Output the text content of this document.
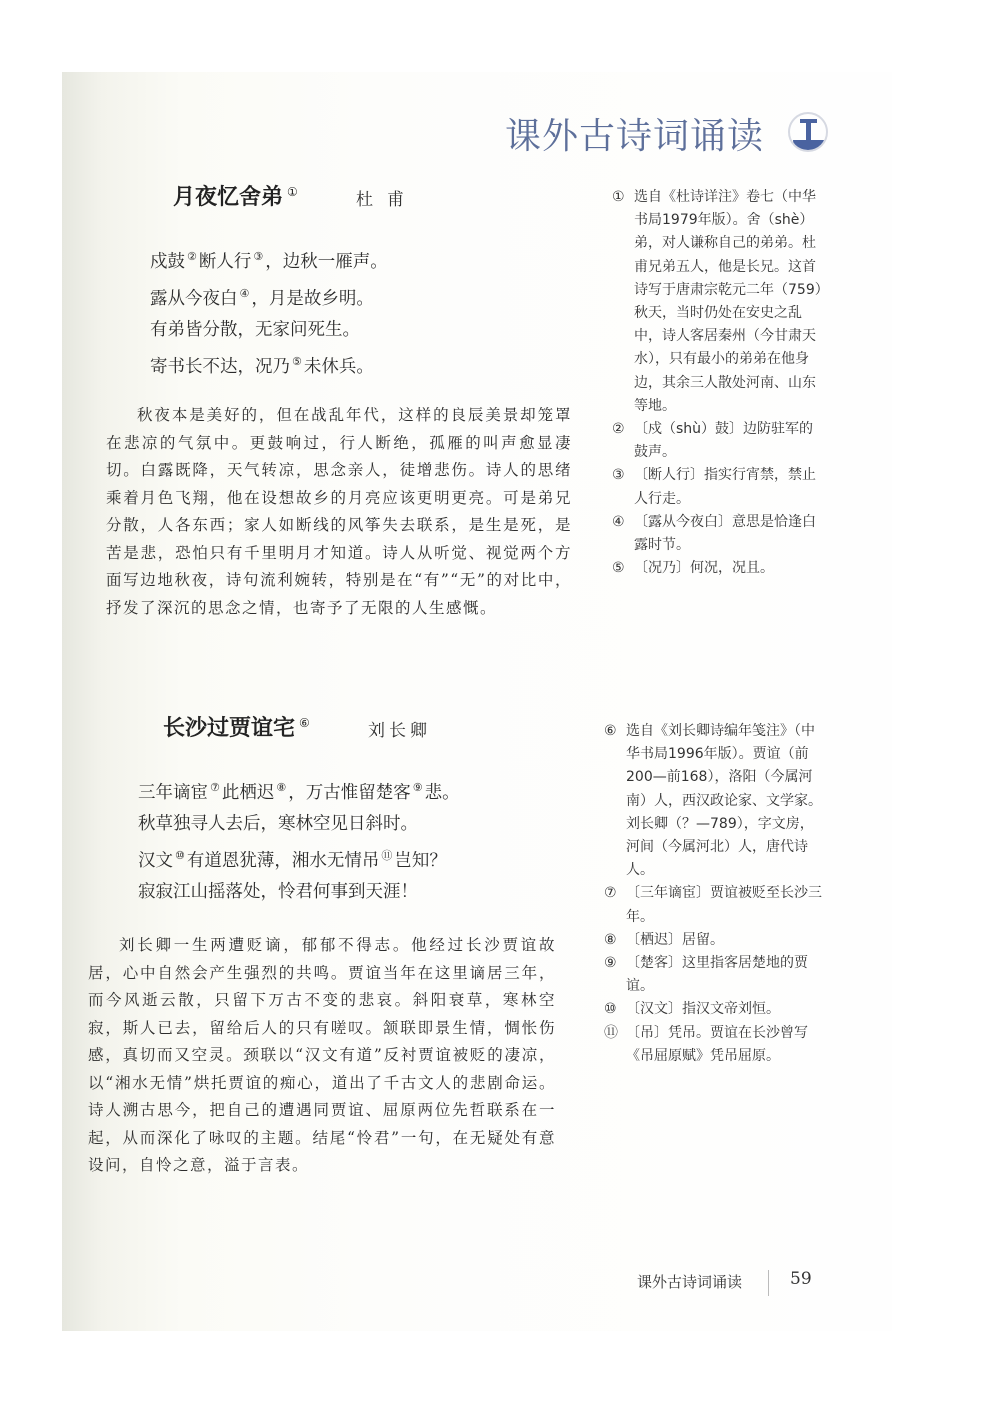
课外古诗词诵读
月夜忆舍弟 ①	杜甫
戍鼓 ② 断人行 ③ ，边秋一雁声。
露从今夜白 ④ ，月是故乡明。
有弟皆分散，无家问死生。
寄书长不达，况乃 ⑤ 未休兵。

秋夜本是美好的，但在战乱年代，这样的良辰美景却笼罩在悲凉的气氛中。更鼓响过，行人断绝，孤雁的叫声愈显凄切。白露既降，天气转凉，思念亲人，徒增悲伤。诗人的思绪乘着月色飞翔，他在设想故乡的月亮应该更明更亮。可是弟兄分散，人各东西；家人如断线的风筝失去联系，是生是死，是苦是悲，恐怕只有千里明月才知道。诗人从听觉、视觉两个方面写边地秋夜，诗句流利婉转，特别是在“有”“无”的对比中，抒发了深沉的思念之情，也寄予了无限的人生感慨。

① 选自《杜诗详注》卷七（中华书局1979年版）。舍（shè）弟，对人谦称自己的弟弟。杜甫兄弟五人，他是长兄。这首诗写于唐肃宗乾元二年（759）秋天，当时仍处在安史之乱中，诗人客居秦州（今甘肃天水），只有最小的弟弟在他身边，其余三人散处河南、山东等地。
② 〔戍（shù）鼓〕边防驻军的鼓声。
③ 〔断人行〕指实行宵禁，禁止人行走。
④ 〔露从今夜白〕意思是恰逢白露时节。
⑤ 〔况乃〕何况，况且。
长沙过贾谊宅 ⑥	刘长卿
三年谪宦 ⑦ 此栖迟 ⑧ ，万古惟留楚客 ⑨ 悲。
秋草独寻人去后，寒林空见日斜时。
汉文 ⑩ 有道恩犹薄，湘水无情吊 ⑪ 岂知？
寂寂江山摇落处，怜君何事到天涯！

刘长卿一生两遭贬谪，郁郁不得志。他经过长沙贾谊故居，心中自然会产生强烈的共鸣。贾谊当年在这里谪居三年，而今风逝云散，只留下万古不变的悲哀。斜阳衰草，寒林空寂，斯人已去，留给后人的只有嗟叹。颔联即景生情，惆怅伤感，真切而又空灵。颈联以“汉文有道”反衬贾谊被贬的凄凉，以“湘水无情”烘托贾谊的痴心，道出了千古文人的悲剧命运。诗人溯古思今，把自己的遭遇同贾谊、屈原两位先哲联系在一起，从而深化了咏叹的主题。结尾“怜君”一句，在无疑处有意设问，自怜之意，溢于言表。

⑥ 选自《刘长卿诗编年笺注》（中华书局1996年版）。贾谊（前200—前168），洛阳（今属河南）人，西汉政论家、文学家。刘长卿（？—789），字文房，河间（今属河北）人，唐代诗人。
⑦ 〔三年谪宦〕贾谊被贬至长沙三年。
⑧ 〔栖迟〕居留。
⑨ 〔楚客〕这里指客居楚地的贾谊。
⑩ 〔汉文〕指汉文帝刘恒。
⑪ 〔吊〕凭吊。贾谊在长沙曾写《吊屈原赋》凭吊屈原。
课外古诗词诵读	59
